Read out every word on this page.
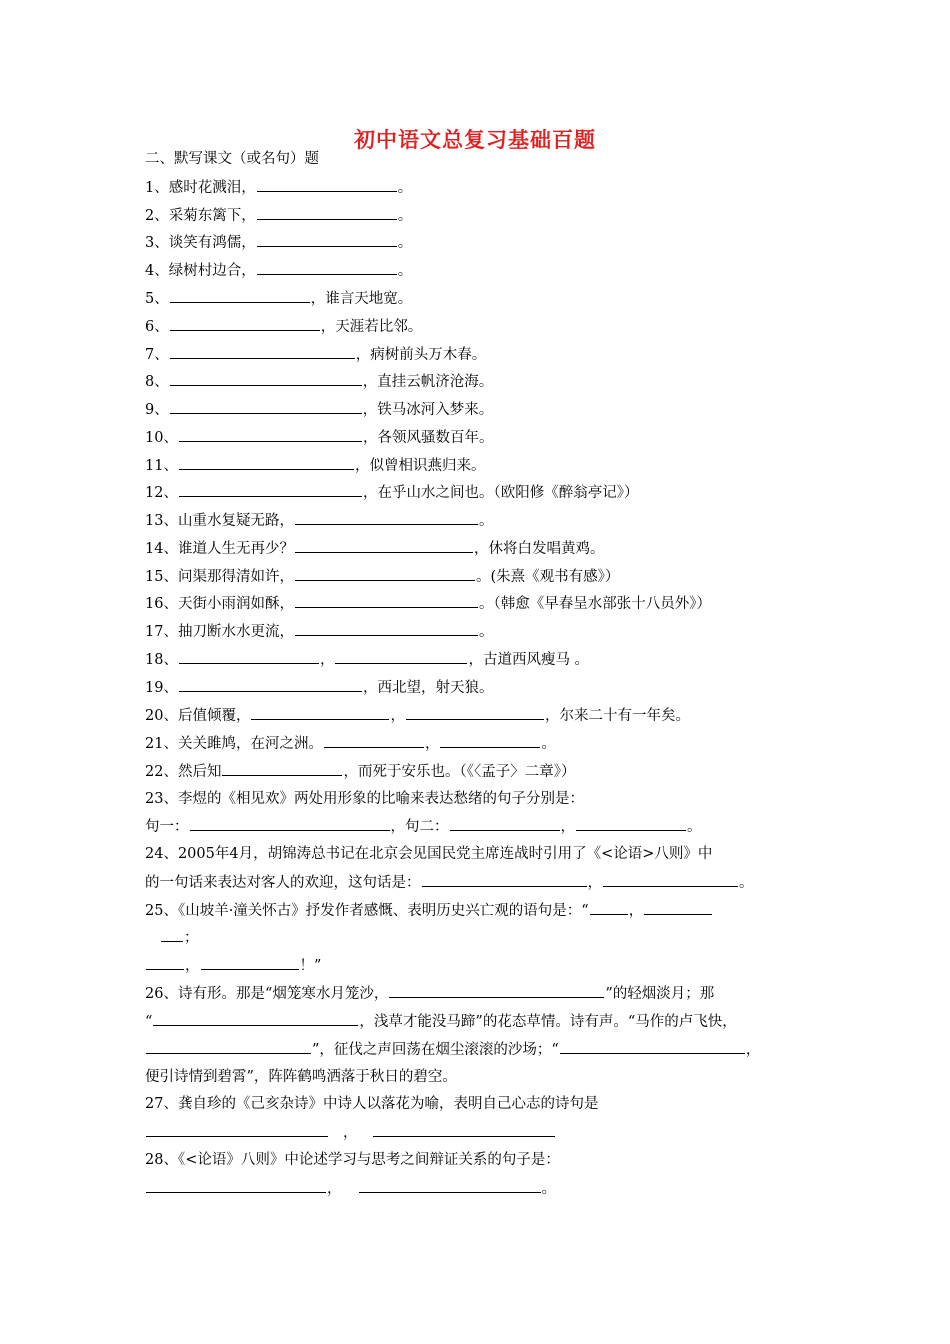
初中语文总复习基础百题
二、默写课文（或名句）题
1、感时花溅泪，	。
2、采菊东篱下，	。
3、谈笑有鸿儒，	。
4、绿树村边合，	。
5、	，谁言天地宽。
6、	，天涯若比邻。
7、	，病树前头万木春。
8、	，直挂云帆济沧海。
9、	，铁马冰河入梦来。
10、	，各领风骚数百年。
11、	，似曾相识燕归来。
12、	，在乎山水之间也。（欧阳修《醉翁亭记》）
13、山重水复疑无路，	。
14、谁道人生无再少？	，休将白发唱黄鸡。
15、问渠那得清如许，	。(朱熹《观书有感》）
16、天街小雨润如酥，	。（韩愈《早春呈水部张十八员外》）
17、抽刀断水水更流，	。
18、	，	，古道西风瘦马 。
19、	，西北望，射天狼。
20、后值倾覆，	，	，尔来二十有一年矣。
21、关关雎鸠，在河之洲。	，	。
22、然后知	，而死于安乐也。（《〈孟子〉二章》）
23、李煜的《相见欢》两处用形象的比喻来表达愁绪的句子分别是：
句一：	，句二：	，	。
24、2005年4月，胡锦涛总书记在北京会见国民党主席连战时引用了《<论语>八则》中
的一句话来表达对客人的欢迎，这句话是：	，	。
25、《山坡羊·潼关怀古》抒发作者感慨、表明历史兴亡观的语句是：“	，
；
，	！”
26、诗有形。那是“烟笼寒水月笼沙，	”的轻烟淡月；那
“	，浅草才能没马蹄”的花态草情。诗有声。“马作的卢飞快，
”，征伐之声回荡在烟尘滚滚的沙场；“	，
便引诗情到碧霄”，阵阵鹤鸣洒落于秋日的碧空。
27、龚自珍的《己亥杂诗》中诗人以落花为喻，表明自己心志的诗句是
，
28、《<论语》八则》中论述学习与思考之间辩证关系的句子是：
，	。
